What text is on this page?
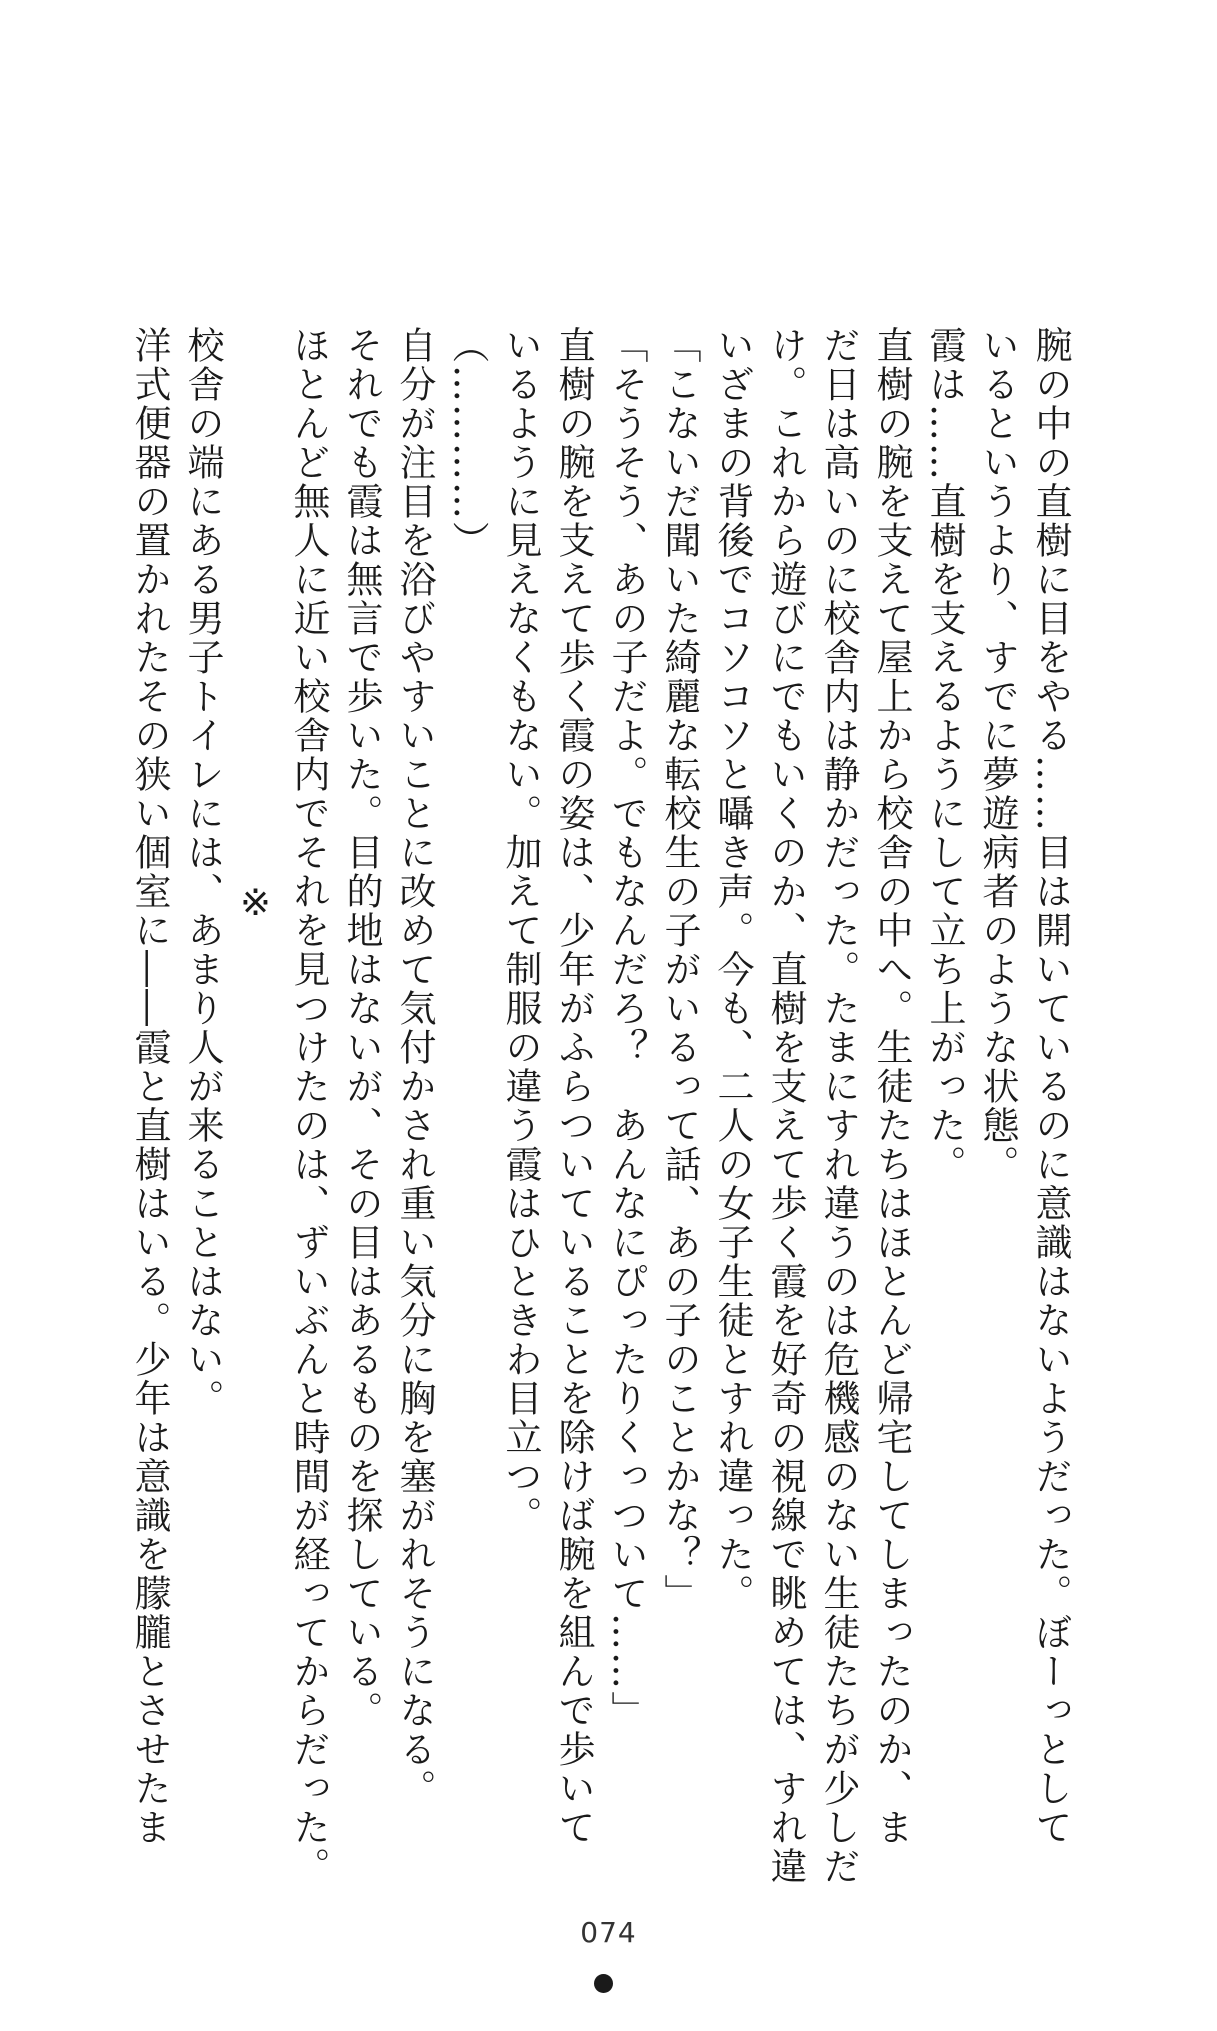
腕の中の直樹に目をやる……目は開いているのに意識はないようだった。ぼーっとして

いるというより、すでに夢遊病者のような状態。

霞は……直樹を支えるようにして立ち上がった。

直樹の腕を支えて屋上から校舎の中へ。生徒たちはほとんど帰宅してしまったのか、ま

だ日は高いのに校舎内は静かだった。たまにすれ違うのは危機感のない生徒たちが少しだ

け。これから遊びにでもいくのか、直樹を支えて歩く霞を好奇の視線で眺めては、すれ違

いざまの背後でコソコソと囁き声。今も、二人の女子生徒とすれ違った。

「こないだ聞いた綺麗な転校生の子がいるって話、あの子のことかな？」

「そうそう、あの子だよ。でもなんだろ？　あんなにぴったりくっついて……」

直樹の腕を支えて歩く霞の姿は、少年がふらついていることを除けば腕を組んで歩いて

いるように見えなくもない。加えて制服の違う霞はひときわ目立つ。

（…………）

自分が注目を浴びやすいことに改めて気付かされ重い気分に胸を塞がれそうになる。

それでも霞は無言で歩いた。目的地はないが、その目はあるものを探している。

ほとんど無人に近い校舎内でそれを見つけたのは、ずいぶんと時間が経ってからだった。

※

校舎の端にある男子トイレには、あまり人が来ることはない。

洋式便器の置かれたその狭い個室に――霞と直樹はいる。少年は意識を朦朧とさせたま

074
